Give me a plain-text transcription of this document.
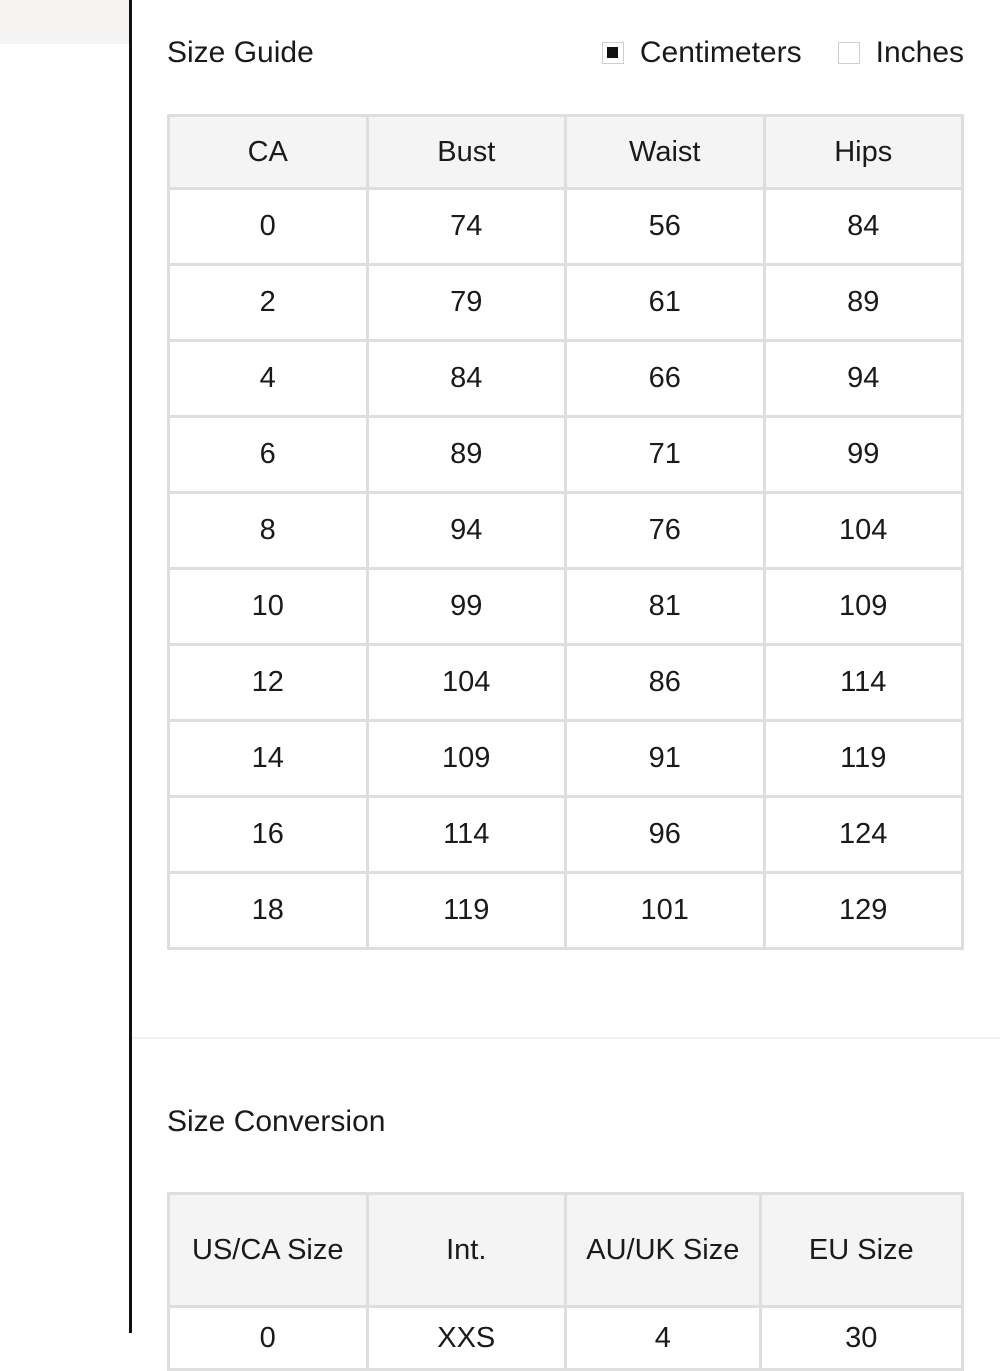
Size Guide	Centimeters Inches
CA	Bust	Waist	Hips
0	74	56	84
2	79	61	89
4	84	66	94
6	89	71	99
8	94	76	104
10	99	81	109
12	104	86	114
14	109	91	119
16	114	96	124
18	119	101	129
Size Conversion
US/CA Size	Int.	AU/UK Size	EU Size
0	XXS	4	30
